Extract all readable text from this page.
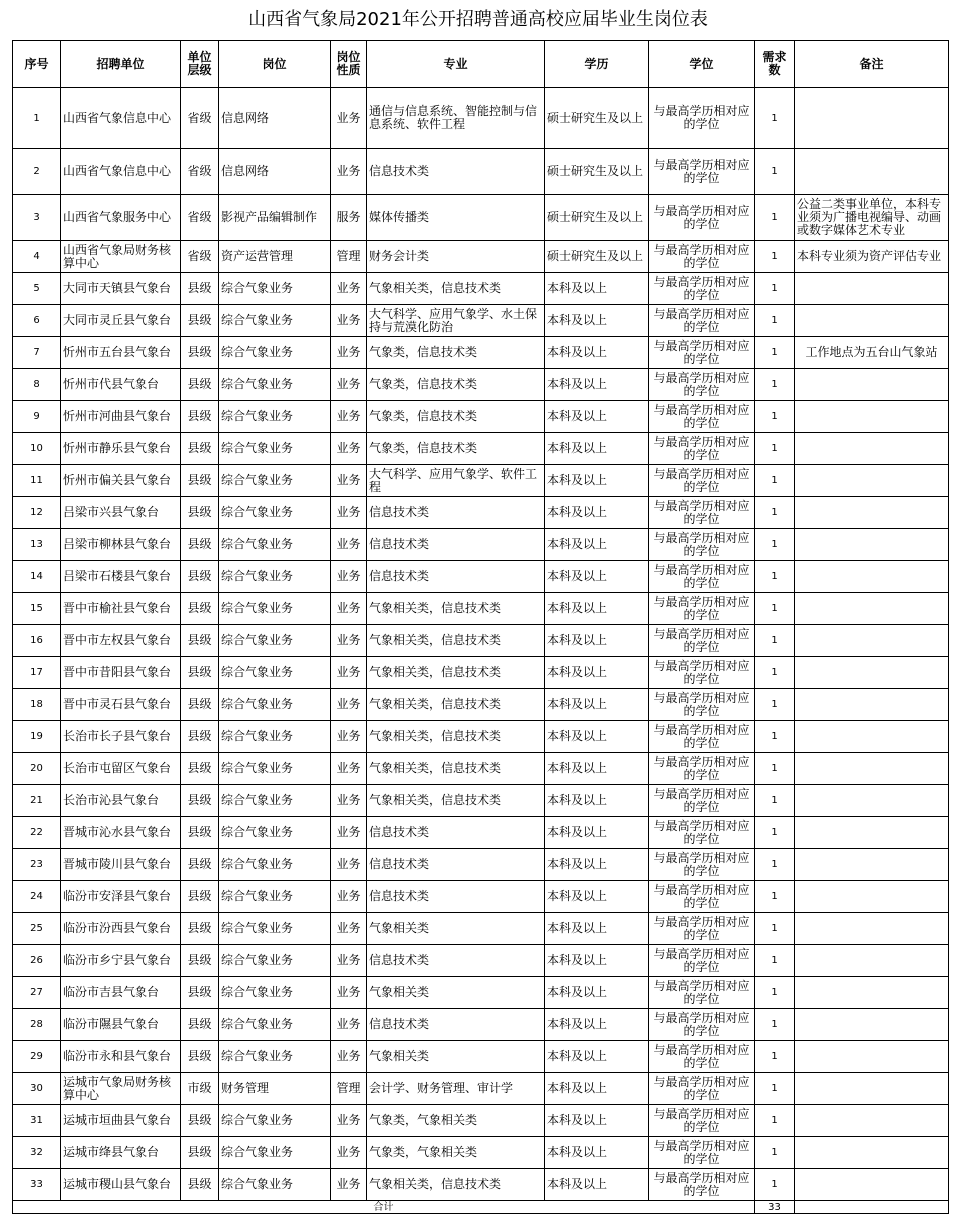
山西省气象局2021年公开招聘普通高校应届毕业生岗位表
序号	招聘单位	单位层级	岗位	岗位性质	专业	学历	学位	需求数	备注
1	山西省气象信息中心	省级	信息网络	业务	通信与信息系统、智能控制与信息系统、软件工程	硕士研究生及以上	与最高学历相对应的学位	1	
2	山西省气象信息中心	省级	信息网络	业务	信息技术类	硕士研究生及以上	与最高学历相对应的学位	1	
3	山西省气象服务中心	省级	影视产品编辑制作	服务	媒体传播类	硕士研究生及以上	与最高学历相对应的学位	1	公益二类事业单位，本科专业须为广播电视编导、动画或数字媒体艺术专业
4	山西省气象局财务核算中心	省级	资产运营管理	管理	财务会计类	硕士研究生及以上	与最高学历相对应的学位	1	本科专业须为资产评估专业
5	大同市天镇县气象台	县级	综合气象业务	业务	气象相关类，信息技术类	本科及以上	与最高学历相对应的学位	1	
6	大同市灵丘县气象台	县级	综合气象业务	业务	大气科学、应用气象学、水土保持与荒漠化防治	本科及以上	与最高学历相对应的学位	1	
7	忻州市五台县气象台	县级	综合气象业务	业务	气象类，信息技术类	本科及以上	与最高学历相对应的学位	1	工作地点为五台山气象站
8	忻州市代县气象台	县级	综合气象业务	业务	气象类，信息技术类	本科及以上	与最高学历相对应的学位	1	
9	忻州市河曲县气象台	县级	综合气象业务	业务	气象类，信息技术类	本科及以上	与最高学历相对应的学位	1	
10	忻州市静乐县气象台	县级	综合气象业务	业务	气象类，信息技术类	本科及以上	与最高学历相对应的学位	1	
11	忻州市偏关县气象台	县级	综合气象业务	业务	大气科学、应用气象学、软件工程	本科及以上	与最高学历相对应的学位	1	
12	吕梁市兴县气象台	县级	综合气象业务	业务	信息技术类	本科及以上	与最高学历相对应的学位	1	
13	吕梁市柳林县气象台	县级	综合气象业务	业务	信息技术类	本科及以上	与最高学历相对应的学位	1	
14	吕梁市石楼县气象台	县级	综合气象业务	业务	信息技术类	本科及以上	与最高学历相对应的学位	1	
15	晋中市榆社县气象台	县级	综合气象业务	业务	气象相关类，信息技术类	本科及以上	与最高学历相对应的学位	1	
16	晋中市左权县气象台	县级	综合气象业务	业务	气象相关类，信息技术类	本科及以上	与最高学历相对应的学位	1	
17	晋中市昔阳县气象台	县级	综合气象业务	业务	气象相关类，信息技术类	本科及以上	与最高学历相对应的学位	1	
18	晋中市灵石县气象台	县级	综合气象业务	业务	气象相关类，信息技术类	本科及以上	与最高学历相对应的学位	1	
19	长治市长子县气象台	县级	综合气象业务	业务	气象相关类，信息技术类	本科及以上	与最高学历相对应的学位	1	
20	长治市屯留区气象台	县级	综合气象业务	业务	气象相关类，信息技术类	本科及以上	与最高学历相对应的学位	1	
21	长治市沁县气象台	县级	综合气象业务	业务	气象相关类，信息技术类	本科及以上	与最高学历相对应的学位	1	
22	晋城市沁水县气象台	县级	综合气象业务	业务	信息技术类	本科及以上	与最高学历相对应的学位	1	
23	晋城市陵川县气象台	县级	综合气象业务	业务	信息技术类	本科及以上	与最高学历相对应的学位	1	
24	临汾市安泽县气象台	县级	综合气象业务	业务	信息技术类	本科及以上	与最高学历相对应的学位	1	
25	临汾市汾西县气象台	县级	综合气象业务	业务	气象相关类	本科及以上	与最高学历相对应的学位	1	
26	临汾市乡宁县气象台	县级	综合气象业务	业务	信息技术类	本科及以上	与最高学历相对应的学位	1	
27	临汾市吉县气象台	县级	综合气象业务	业务	气象相关类	本科及以上	与最高学历相对应的学位	1	
28	临汾市隰县气象台	县级	综合气象业务	业务	信息技术类	本科及以上	与最高学历相对应的学位	1	
29	临汾市永和县气象台	县级	综合气象业务	业务	气象相关类	本科及以上	与最高学历相对应的学位	1	
30	运城市气象局财务核算中心	市级	财务管理	管理	会计学、财务管理、审计学	本科及以上	与最高学历相对应的学位	1	
31	运城市垣曲县气象台	县级	综合气象业务	业务	气象类，气象相关类	本科及以上	与最高学历相对应的学位	1	
32	运城市绛县气象台	县级	综合气象业务	业务	气象类，气象相关类	本科及以上	与最高学历相对应的学位	1	
33	运城市稷山县气象台	县级	综合气象业务	业务	气象相关类，信息技术类	本科及以上	与最高学历相对应的学位	1	
合计								33	
